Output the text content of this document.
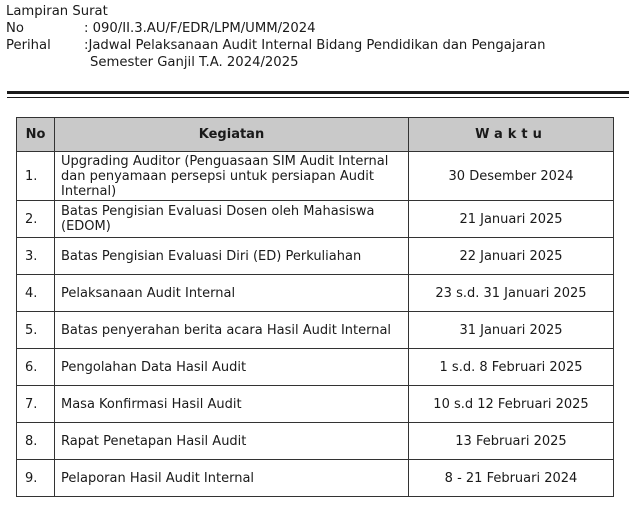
Lampiran Surat
No	: 090/II.3.AU/F/EDR/LPM/UMM/2024
Perihal	:Jadwal Pelaksanaan Audit Internal Bidang Pendidikan dan Pengajaran
Semester Ganjil T.A. 2024/2025
No	Kegiatan	Waktu
1.	Upgrading Auditor (Penguasaan SIM Audit Internal dan penyamaan persepsi untuk persiapan Audit Internal)	30 Desember 2024
2.	Batas Pengisian Evaluasi Dosen oleh Mahasiswa (EDOM)	21 Januari 2025
3.	Batas Pengisian Evaluasi Diri (ED) Perkuliahan	22 Januari 2025
4.	Pelaksanaan Audit Internal	23 s.d. 31 Januari 2025
5.	Batas penyerahan berita acara Hasil Audit Internal	31 Januari 2025
6.	Pengolahan Data Hasil Audit	1 s.d. 8 Februari 2025
7.	Masa Konfirmasi Hasil Audit	10 s.d 12 Februari 2025
8.	Rapat Penetapan Hasil Audit	13 Februari 2025
9.	Pelaporan Hasil Audit Internal	8 - 21 Februari 2024
